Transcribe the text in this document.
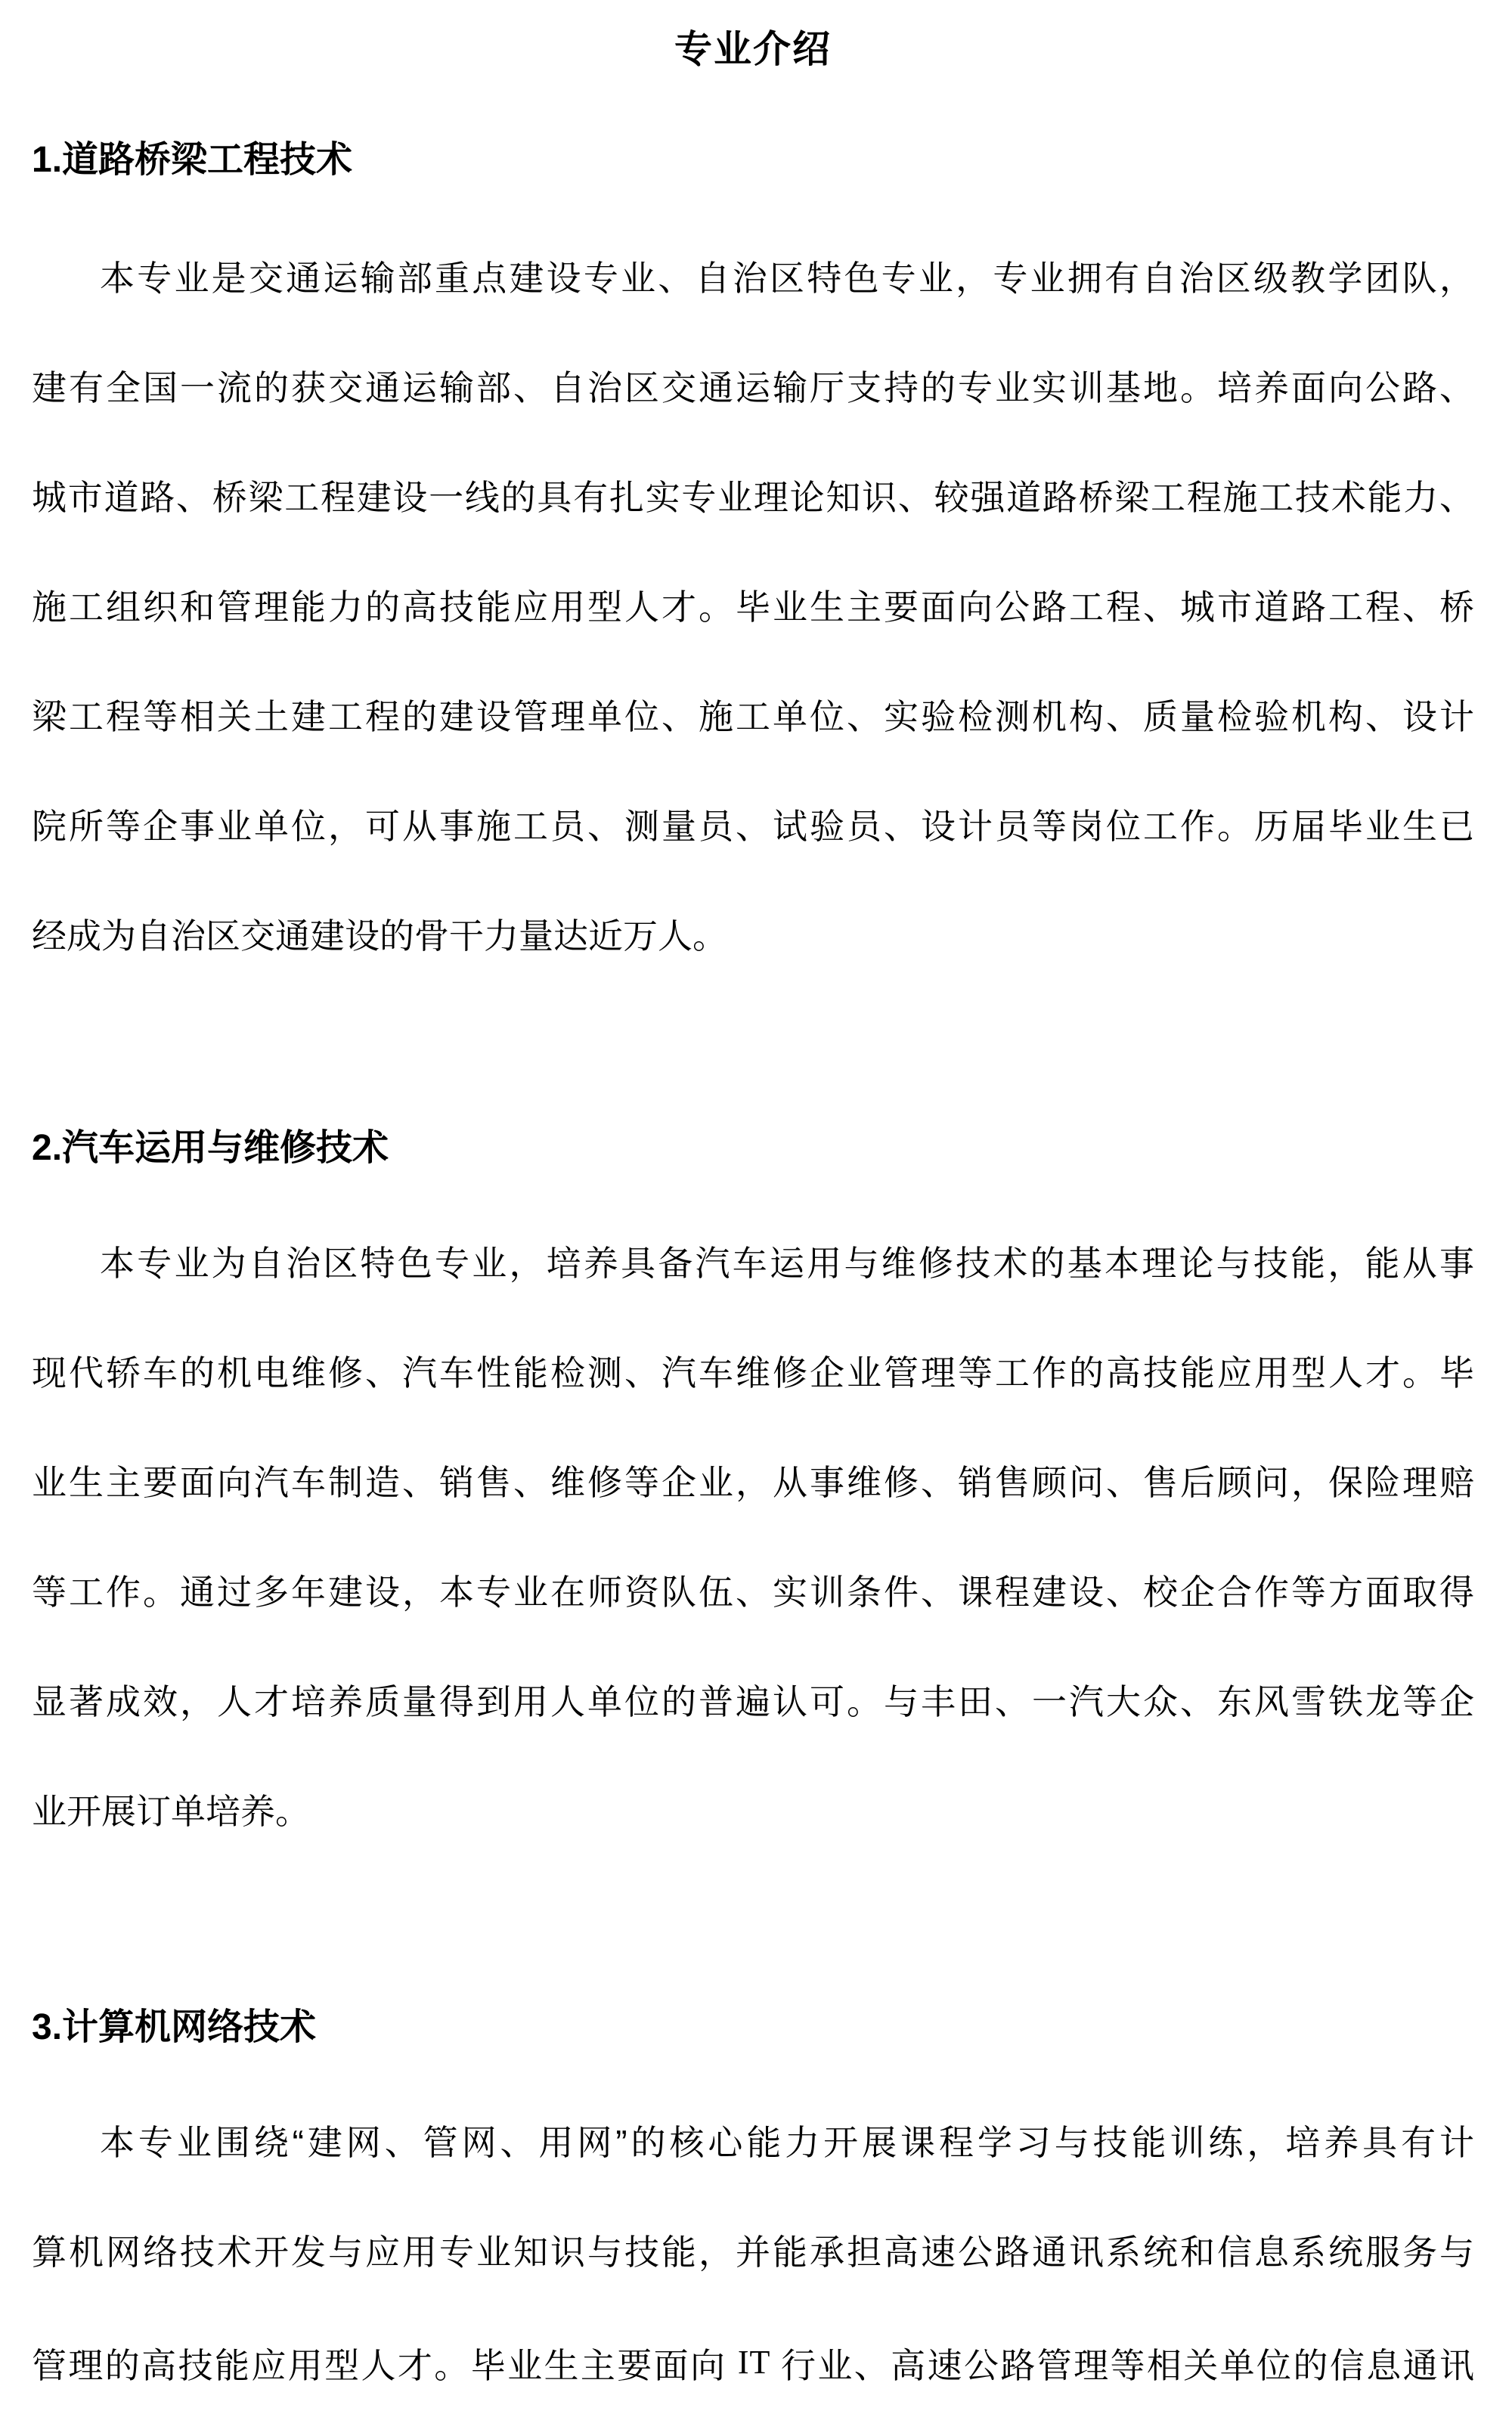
专业介绍
1.道路桥梁工程技术
本专业是交通运输部重点建设专业、自治区特色专业，专业拥有自治区级教学团队，
建有全国一流的获交通运输部、自治区交通运输厅支持的专业实训基地。培养面向公路、
城市道路、桥梁工程建设一线的具有扎实专业理论知识、较强道路桥梁工程施工技术能力、
施工组织和管理能力的高技能应用型人才。毕业生主要面向公路工程、城市道路工程、桥
梁工程等相关土建工程的建设管理单位、施工单位、实验检测机构、质量检验机构、设计
院所等企事业单位，可从事施工员、测量员、试验员、设计员等岗位工作。历届毕业生已
经成为自治区交通建设的骨干力量达近万人。
2.汽车运用与维修技术
本专业为自治区特色专业，培养具备汽车运用与维修技术的基本理论与技能，能从事
现代轿车的机电维修、汽车性能检测、汽车维修企业管理等工作的高技能应用型人才。毕
业生主要面向汽车制造、销售、维修等企业，从事维修、销售顾问、售后顾问，保险理赔
等工作。通过多年建设，本专业在师资队伍、实训条件、课程建设、校企合作等方面取得
显著成效，人才培养质量得到用人单位的普遍认可。与丰田、一汽大众、东风雪铁龙等企
业开展订单培养。
3.计算机网络技术
本专业围绕“建网、管网、用网”的核心能力开展课程学习与技能训练，培养具有计
算机网络技术开发与应用专业知识与技能，并能承担高速公路通讯系统和信息系统服务与
管理的高技能应用型人才。毕业生主要面向 IT 行业、高速公路管理等相关单位的信息通讯
